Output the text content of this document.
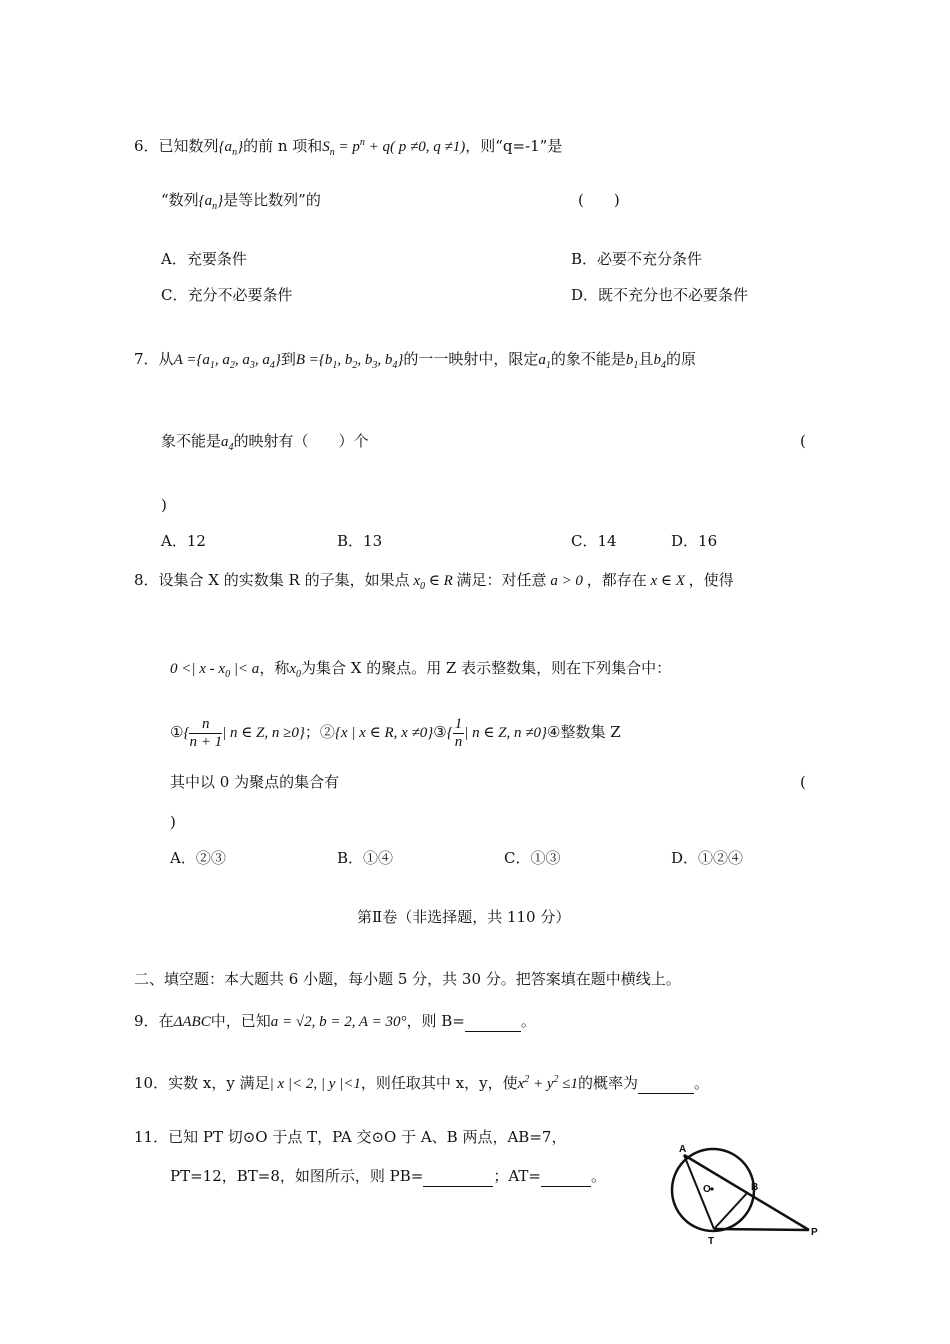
6．已知数列$\{a_n\}$的前 n 项和$S_n = p^n + q$( p ≠0, q ≠1)，则“q=-1”是
“数列$\{a_n\}$是等比数列”的	(　　)
A．充要条件	B．必要不充分条件
C．充分不必要条件	D．既不充分也不必要条件
7．从$A =\{a_1$, $a_2$, $a_3$, $a_4$}到$B =\{b_1$, $b_2$, $b_3$, $b_4$}的一一映射中，限定$a_1$的象不能是$b_1$且$b_4$的原
象不能是$a_4$的映射有（　　）个	(
)
A．12	B．13	C．14	D．16
8．设集合 X 的实数集 R 的子集，如果点 $x_0$ ∈ R 满足：对任意 a > 0 ，都存在 x ∈ X ，使得
0 <| x - $x_0$ |< a，称$x_0$为集合 X 的聚点。用 Z 表示整数集，则在下列集合中：
①{ $\frac{n}{n + 1}$ | n ∈ Z, n ≥0}；②{x | x ∈ R, x ≠0}③{ $\frac{1}{n}$ | n ∈ Z, n ≠0}④整数集 Z
其中以 0 为聚点的集合有	(
)
A．②③	B．①④	C．①③	D．①②④
第Ⅱ卷（非选择题，共 110 分）
二、填空题：本大题共 6 小题，每小题 5 分，共 30 分。把答案填在题中横线上。
9．在ΔABC中，已知a = √2, b = 2, A = 30°，则 B=	。
10．实数 x，y 满足| x |< 2, | y |<1，则任取其中 x，y，使$x^2 + y^2 \le 1$的概率为	。
11．已知 PT 切⊙O 于点 T，PA 交⊙O 于 A、B 两点，AB=7，
PT=12，BT=8，如图所示，则 PB=	；AT=	。
A
O	B
T
P
